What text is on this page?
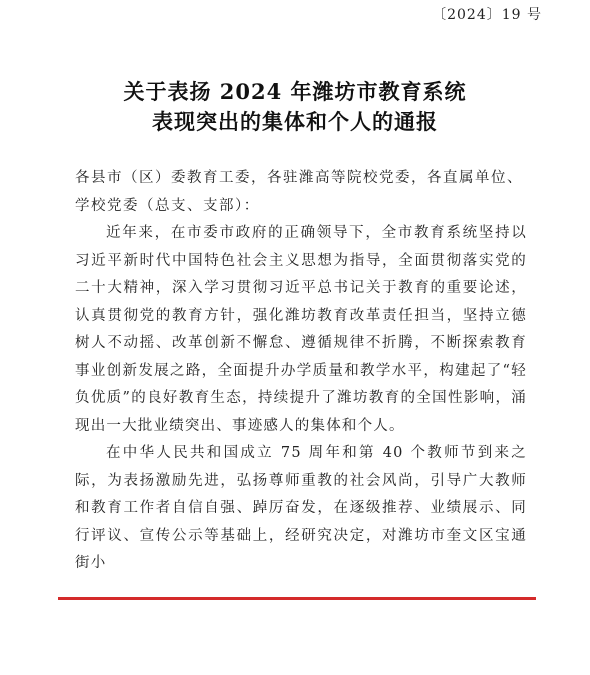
〔2024〕19 号
关于表扬 2024 年潍坊市教育系统
表现突出的集体和个人的通报
各县市（区）委教育工委，各驻潍高等院校党委，各直属单位、学校党委（总支、支部）：

近年来，在市委市政府的正确领导下，全市教育系统坚持以习近平新时代中国特色社会主义思想为指导，全面贯彻落实党的二十大精神，深入学习贯彻习近平总书记关于教育的重要论述，认真贯彻党的教育方针，强化潍坊教育改革责任担当，坚持立德树人不动摇、改革创新不懈怠、遵循规律不折腾，不断探索教育事业创新发展之路，全面提升办学质量和教学水平，构建起了“轻负优质”的良好教育生态，持续提升了潍坊教育的全国性影响，涌现出一大批业绩突出、事迹感人的集体和个人。

在中华人民共和国成立 75 周年和第 40 个教师节到来之际，为表扬激励先进，弘扬尊师重教的社会风尚，引导广大教师和教育工作者自信自强、踔厉奋发，在逐级推荐、业绩展示、同行评议、宣传公示等基础上，经研究决定，对潍坊市奎文区宝通街小
